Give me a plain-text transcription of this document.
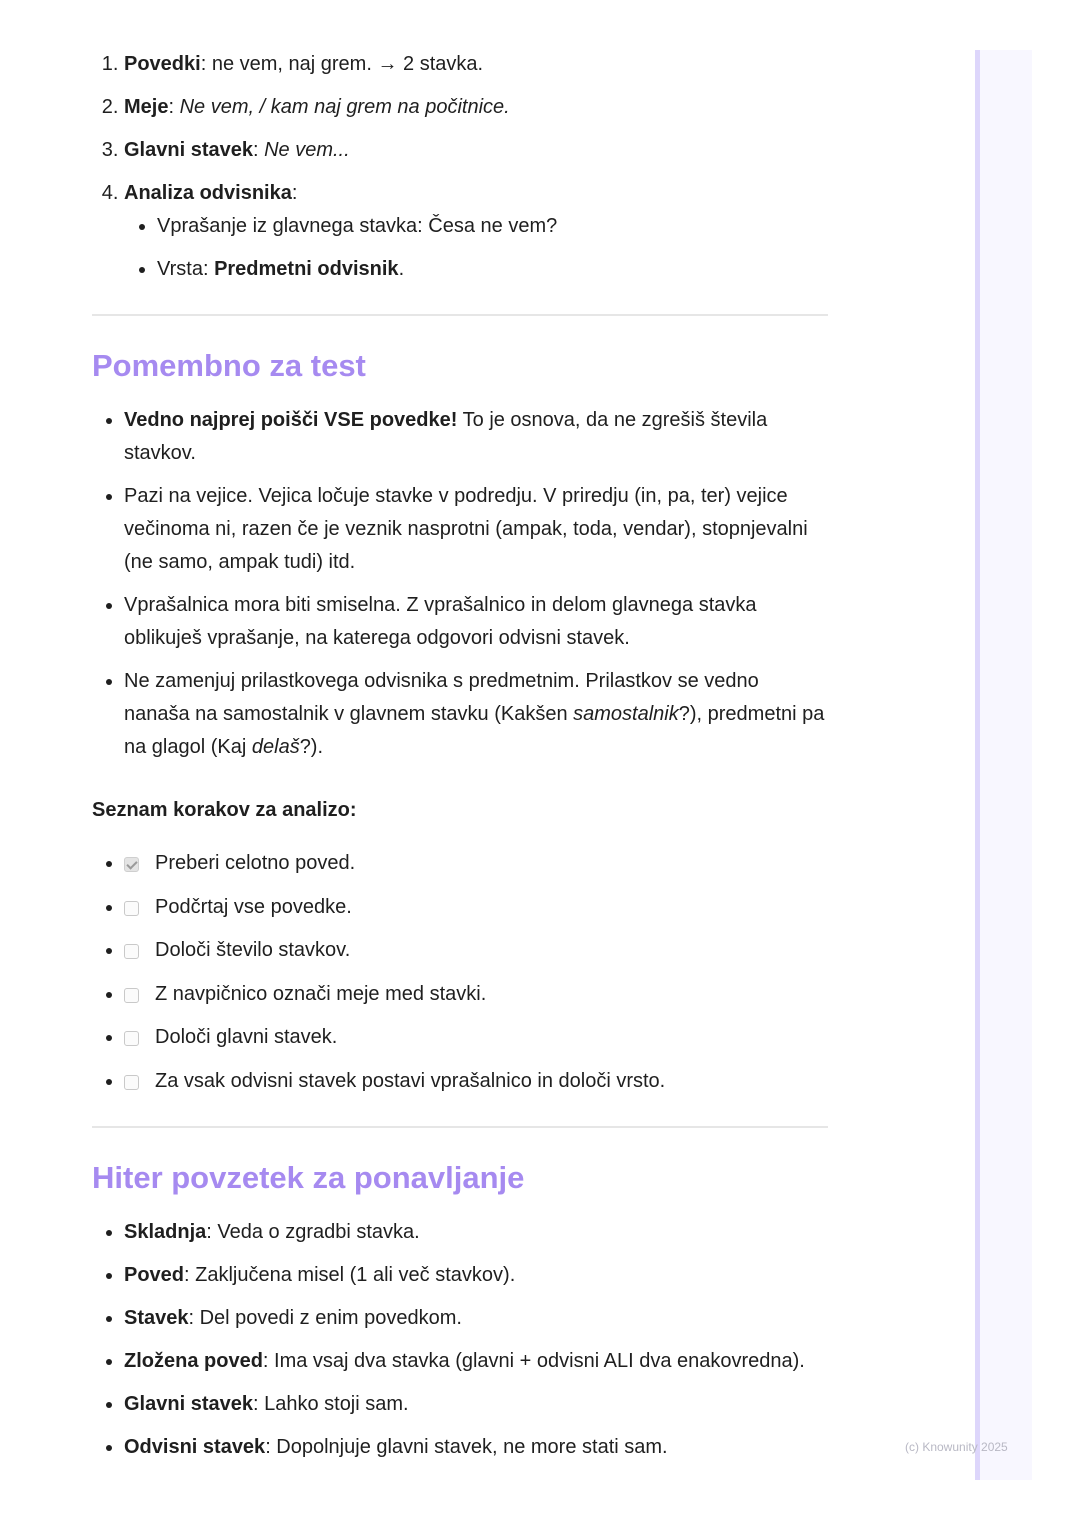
(c) Knowunity 2025
1. Povedki: ne vem, naj grem. → 2 stavka.
2. Meje: Ne vem, / kam naj grem na počitnice.
3. Glavni stavek: Ne vem...
4. Analiza odvisnika:
• Vprašanje iz glavnega stavka: Česa ne vem?
• Vrsta: Predmetni odvisnik.
Pomembno za test
• Vedno najprej poišči VSE povedke! To je osnova, da ne zgrešiš števila stavkov.
• Pazi na vejice. Vejica ločuje stavke v podredju. V priredju (in, pa, ter) vejice večinoma ni, razen če je veznik nasprotni (ampak, toda, vendar), stopnjevalni (ne samo, ampak tudi) itd.
• Vprašalnica mora biti smiselna. Z vprašalnico in delom glavnega stavka oblikuješ vprašanje, na katerega odgovori odvisni stavek.
• Ne zamenjuj prilastkovega odvisnika s predmetnim. Prilastkov se vedno nanaša na samostalnik v glavnem stavku (Kakšen samostalnik?), predmetni pa na glagol (Kaj delaš?).
Seznam korakov za analizo:
• Preberi celotno poved.
• Podčrtaj vse povedke.
• Določi število stavkov.
• Z navpičnico označi meje med stavki.
• Določi glavni stavek.
• Za vsak odvisni stavek postavi vprašalnico in določi vrsto.
Hiter povzetek za ponavljanje
• Skladnja: Veda o zgradbi stavka.
• Poved: Zaključena misel (1 ali več stavkov).
• Stavek: Del povedi z enim povedkom.
• Zložena poved: Ima vsaj dva stavka (glavni + odvisni ALI dva enakovredna).
• Glavni stavek: Lahko stoji sam.
• Odvisni stavek: Dopolnjuje glavni stavek, ne more stati sam.
